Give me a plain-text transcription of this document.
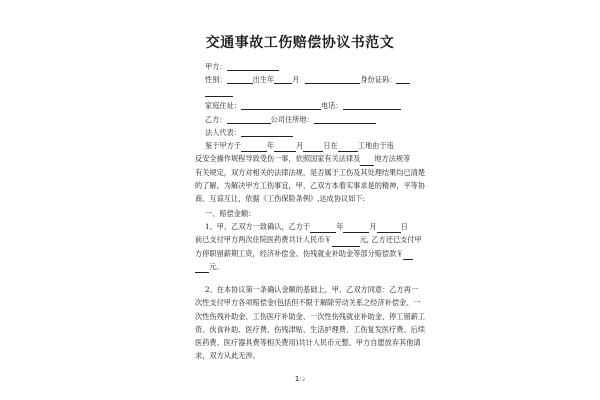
交通事故工伤赔偿协议书范文
甲方：
性别：	出生年	月	身份证码：
家庭住址：	电话：
乙方：	公司住所地：
法人代表：
鉴于甲方于	年	月	日在	工地由于违
反安全操作规程导致受伤一事，依照国家有关法律及 地方法规等
有关规定，双方对相关的法律法规，是否属于工伤及其处理结果均已清楚
的了解，为解决甲方工伤事宜，甲、乙双方本着实事求是的精神，平等协
商、互谅互让，依据《工伤保险条例》,达成协议如下:
一、赔偿金额：
1、甲、乙双方一致确认，乙方于	年	月	日
前已支付甲方两次住院医药费共计人民币￥	元, 乙方还已支付甲
方停职留薪期工资，经济补偿金、伤残就业补助金等部分赔偿款￥
元。
2、在本协议第一条确认金额的基础上，甲、乙双方同意：乙方再一
次性支付甲方各项赔偿金(包括但不限于解除劳动关系之经济补偿金、一
次性伤残补助金、工伤医疗补助金、一次性伤残就业补助金、停工留薪工
资、伙食补助、医疗费、伤残津贴、生活护理费、工伤复发医疗费、后续
医药费、医疗器具费等相关费用)共计人民币元整。甲方自愿放弃其他请
求，双方从此无涉。
1/ 2
